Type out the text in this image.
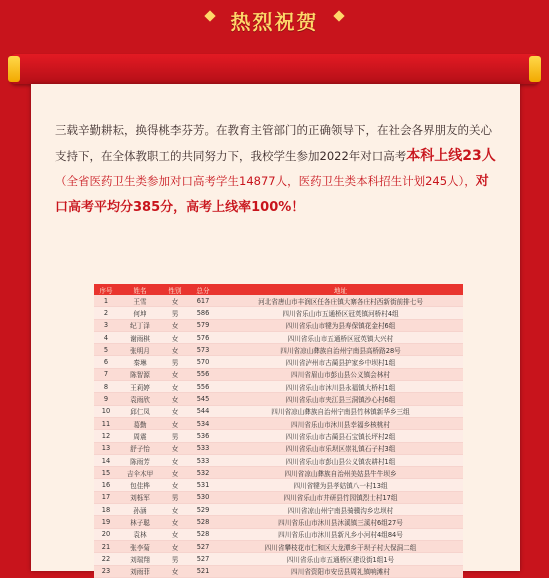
热烈祝贺
三载辛勤耕耘，换得桃李芬芳。在教育主管部门的正确领导下，在社会各界朋友的关心支持下，在全体教职工的共同努力下，我校学生参加2022年对口高考本科上线23人（全省医药卫生类参加对口高考学生14877人，医药卫生类本科招生计划245人），对口高考平均分385分，高考上线率100%！
序号	姓名	性别	总分	地址
1	王雪	女	617	河北省唐山市丰润区任各庄镇大寨各庄村西新街前排七号
2	何坤	男	586	四川省乐山市五通桥区冠英镇河桥村4组
3	纪丁泽	女	579	四川省乐山市犍为县寿保镇花金村6组
4	谢雨棋	女	576	四川省乐山市五通桥区冠英镇大兴村
5	张明月	女	573	四川省凉山彝族自治州宁南县高桥路28号
6	秦琳	男	570	四川省泸州市古蔺县护家乡中坝村1组
7	陈智源	女	556	四川省眉山市彭山县公义镇会林村
8	王莉婷	女	556	四川省乐山市沐川县永福镇大桥村1组
9	袁雨欣	女	545	四川省乐山市夹江县三洞镇沙心村6组
10	邱仁凤	女	544	四川省凉山彝族自治州宁南县竹林镇新华乡三组
11	葛勤	女	534	四川省乐山市沐川县幸福乡核桃村
12	周震	男	536	四川省乐山市古蔺县石宝镇长坪村2组
13	舒子怡	女	533	四川省乐山市乐坝区崇礼镇石子村3组
14	陈雨芳	女	533	四川省乐山市彭山县公义镇农耕村1组
15	吉伞木甲	女	532	四川省凉山彝族自治州美姑县牛牛坝乡
16	包佳桦	女	531	四川省犍为县孝姑镇八一村13组
17	刘栎军	男	530	四川省乐山市井研县竹园镇烈士村17组
18	孙涵	女	529	四川省凉山州宁南县骑骥沟乡忠坝村
19	林子聪	女	528	四川省乐山市沐川县沐溪镇三溪村6组27号
20	袁林	女	528	四川省乐山市沐川县新凡乡小河村4组84号
21	张李菊	女	527	四川省攀枝花市仁和区大龙潭乡干坝子村大保洞二组
22	刘瑞翔	男	527	四川省乐山市五通桥区建设街1组1号
23	刘雨菲	女	521	四川省资阳市安岳县周礼镇响滩村
